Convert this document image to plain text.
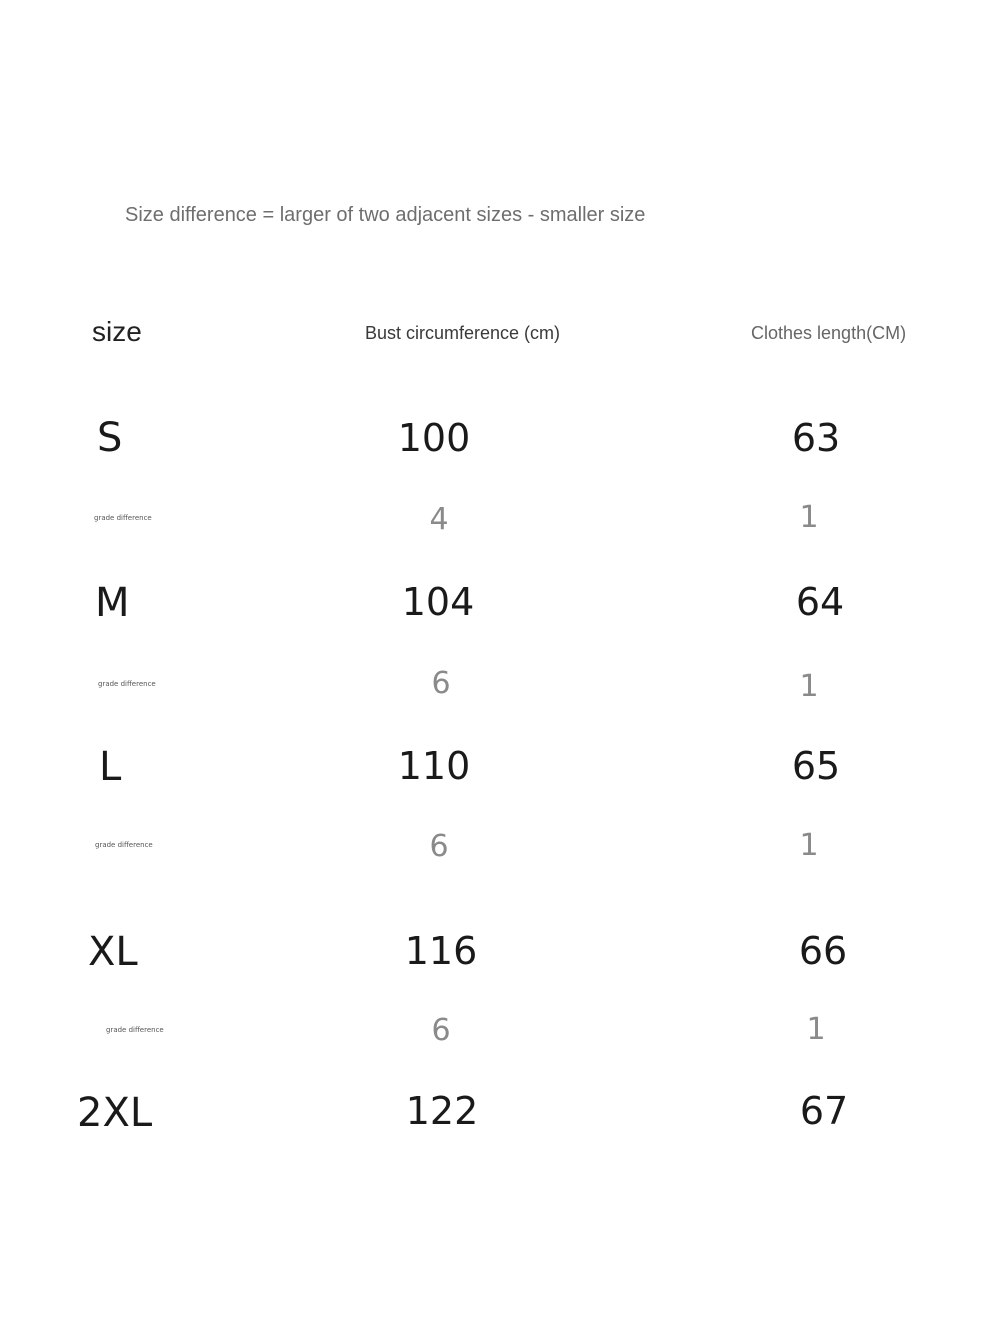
Size difference = larger of two adjacent sizes - smaller size
size	Bust circumference (cm)	Clothes length(CM)
S	100	63
grade difference	4	1
M	104	64
grade difference	6	1
L	110	65
grade difference	6	1
XL	116	66
grade difference	6	1
2XL	122	67
